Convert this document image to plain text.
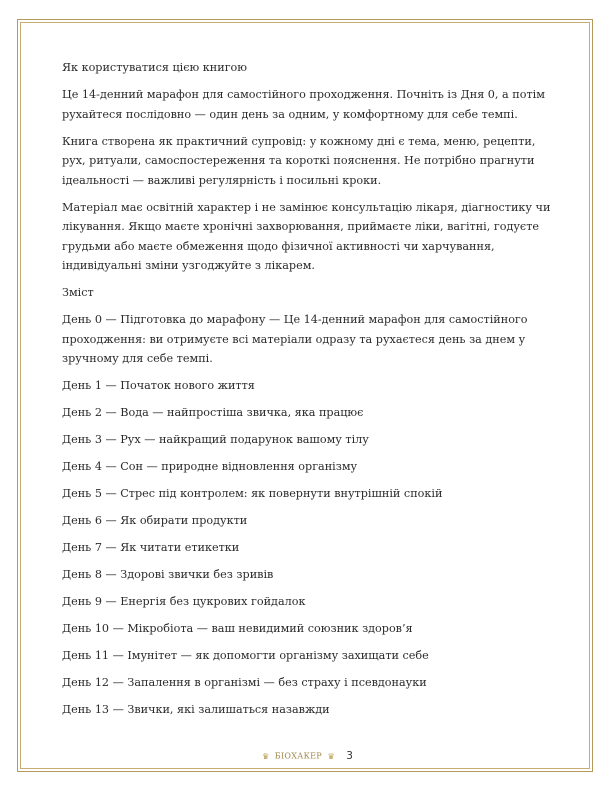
Як користуватися цією книгою

Це 14-денний марафон для самостійного проходження. Почніть із Дня 0, а потім рухайтеся послідовно — один день за одним, у комфортному для себе темпі.

Книга створена як практичний супровід: у кожному дні є тема, меню, рецепти, рух, ритуали, самоспостереження та короткі пояснення. Не потрібно прагнути ідеальності — важливі регулярність і посильні кроки.

Матеріал має освітній характер і не замінює консультацію лікаря, діагностику чи лікування. Якщо маєте хронічні захворювання, приймаєте ліки, вагітні, годуєте грудьми або маєте обмеження щодо фізичної активності чи харчування, індивідуальні зміни узгоджуйте з лікарем.

Зміст

День 0 — Підготовка до марафону — Це 14-денний марафон для самостійного проходження: ви отримуєте всі матеріали одразу та рухаєтеся день за днем у зручному для себе темпі.

День 1 — Початок нового життя

День 2 — Вода — найпростіша звичка, яка працює

День 3 — Рух — найкращий подарунок вашому тілу

День 4 — Сон — природне відновлення організму

День 5 — Стрес під контролем: як повернути внутрішній спокій

День 6 — Як обирати продукти

День 7 — Як читати етикетки

День 8 — Здорові звички без зривів

День 9 — Енергія без цукрових гойдалок

День 10 — Мікробіота — ваш невидимий союзник здоров’я

День 11 — Імунітет — як допомогти організму захищати себе

День 12 — Запалення в організмі — без страху і псевдонауки

День 13 — Звички, які залишаться назавжди

♛ БІОХАКЕР ♛ 3
